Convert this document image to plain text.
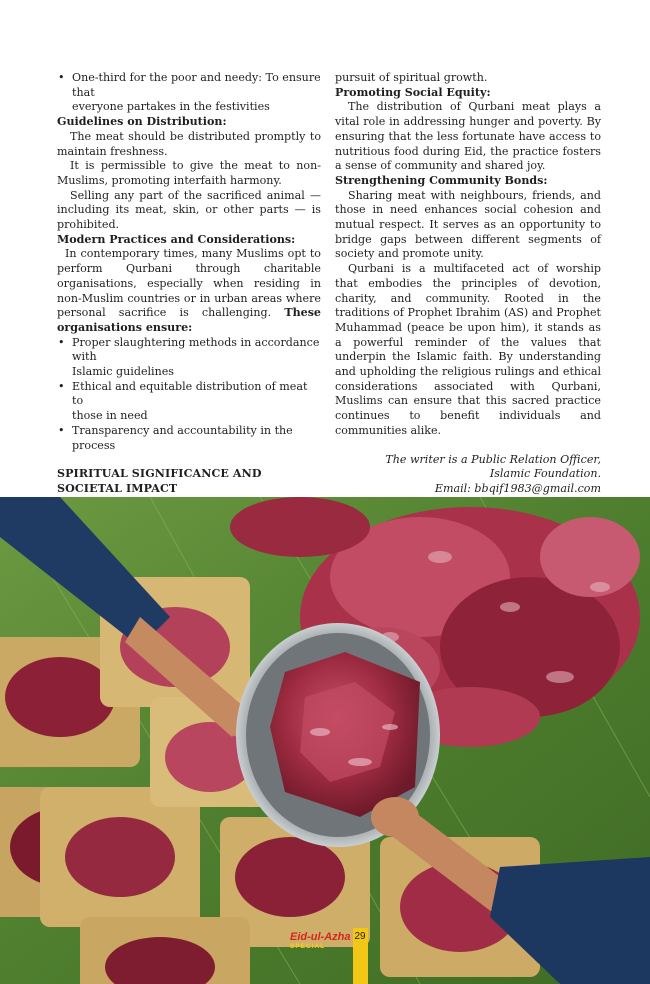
• One-third for the poor and needy: To ensure that
everyone partakes in the festivities
Guidelines on Distribution:

The meat should be distributed promptly to maintain freshness.

It is permissible to give the meat to non-Muslims, promoting interfaith harmony.

Selling any part of the sacrificed animal — including its meat, skin, or other parts — is prohibited.

Modern Practices and Considerations:

In contemporary times, many Muslims opt to perform Qurbani through charitable organisations, especially when residing in non-Muslim countries or in urban areas where personal sacrifice is challenging. These organisations ensure:

• Proper slaughtering methods in accordance with
Islamic guidelines
• Ethical and equitable distribution of meat to
those in need
• Transparency and accountability in the process
SPIRITUAL SIGNIFICANCE AND SOCIETAL IMPACT

pursuit of spiritual growth.

Promoting Social Equity:

The distribution of Qurbani meat plays a vital role in addressing hunger and poverty. By ensuring that the less fortunate have access to nutritious food during Eid, the practice fosters a sense of community and shared joy.

Strengthening Community Bonds:

Sharing meat with neighbours, friends, and those in need enhances social cohesion and mutual respect. It serves as an opportunity to bridge gaps between different segments of society and promote unity.

Qurbani is a multifaceted act of worship that embodies the principles of devotion, charity, and community. Rooted in the traditions of Prophet Ibrahim (AS) and Prophet Muhammad (peace be upon him), it stands as a powerful reminder of the values that underpin the Islamic faith. By understanding and upholding the religious rulings and ethical considerations associated with Qurbani, Muslims can ensure that this sacred practice continues to benefit individuals and communities alike.

The writer is a Public Relation Officer,
Islamic Foundation.
Email: bbqif1983@gmail.com
Eid-ul-Azha
SPECIAL
29
